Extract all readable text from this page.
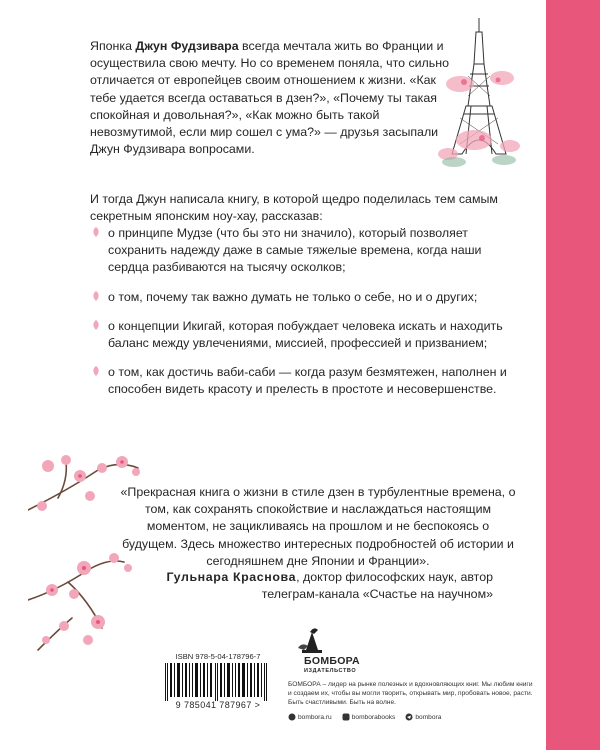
Японка Джун Фудзивара всегда мечтала жить во Франции и осуществила свою мечту. Но со временем поняла, что сильно отличается от европейцев своим отношением к жизни. «Как тебе удается всегда оставаться в дзен?», «Почему ты такая спокойная и довольная?», «Как можно быть такой невозмутимой, если мир сошел с ума?» — друзья засыпали Джун Фудзивара вопросами.
И тогда Джун написала книгу, в которой щедро поделилась тем самым секретным японским ноу-хау, рассказав:
о принципе Мудзе (что бы это ни значило), который позволяет сохранить надежду даже в самые тяжелые времена, когда наши сердца разбиваются на тысячу осколков;
о том, почему так важно думать не только о себе, но и о других;
о концепции Икигай, которая побуждает человека искать и находить баланс между увлечениями, миссией, профессией и призванием;
о том, как достичь ваби-саби — когда разум безмятежен, наполнен и способен видеть красоту и прелесть в простоте и несовершенстве.
«Прекрасная книга о жизни в стиле дзен в турбулентные времена, о том, как сохранять спокойствие и наслаждаться настоящим моментом, не зацикливаясь на прошлом и не беспокоясь о будущем. Здесь множество интересных подробностей об истории и сегодняшнем дне Японии и Франции».
Гульнара Краснова, доктор философских наук, автор
телеграм-канала «Счастье на научном»
ISBN 978-5-04-178796-7
9 785041 787967 >
БОМБОРА
ИЗДАТЕЛЬСТВО
БОМБОРА – лидер на рынке полезных и вдохновляющих книг. Мы любим книги и создаем их, чтобы вы могли творить, открывать мир, пробовать новое, расти. Быть счастливыми. Быть на волне.
bombora.ru	bomborabooks	bombora
